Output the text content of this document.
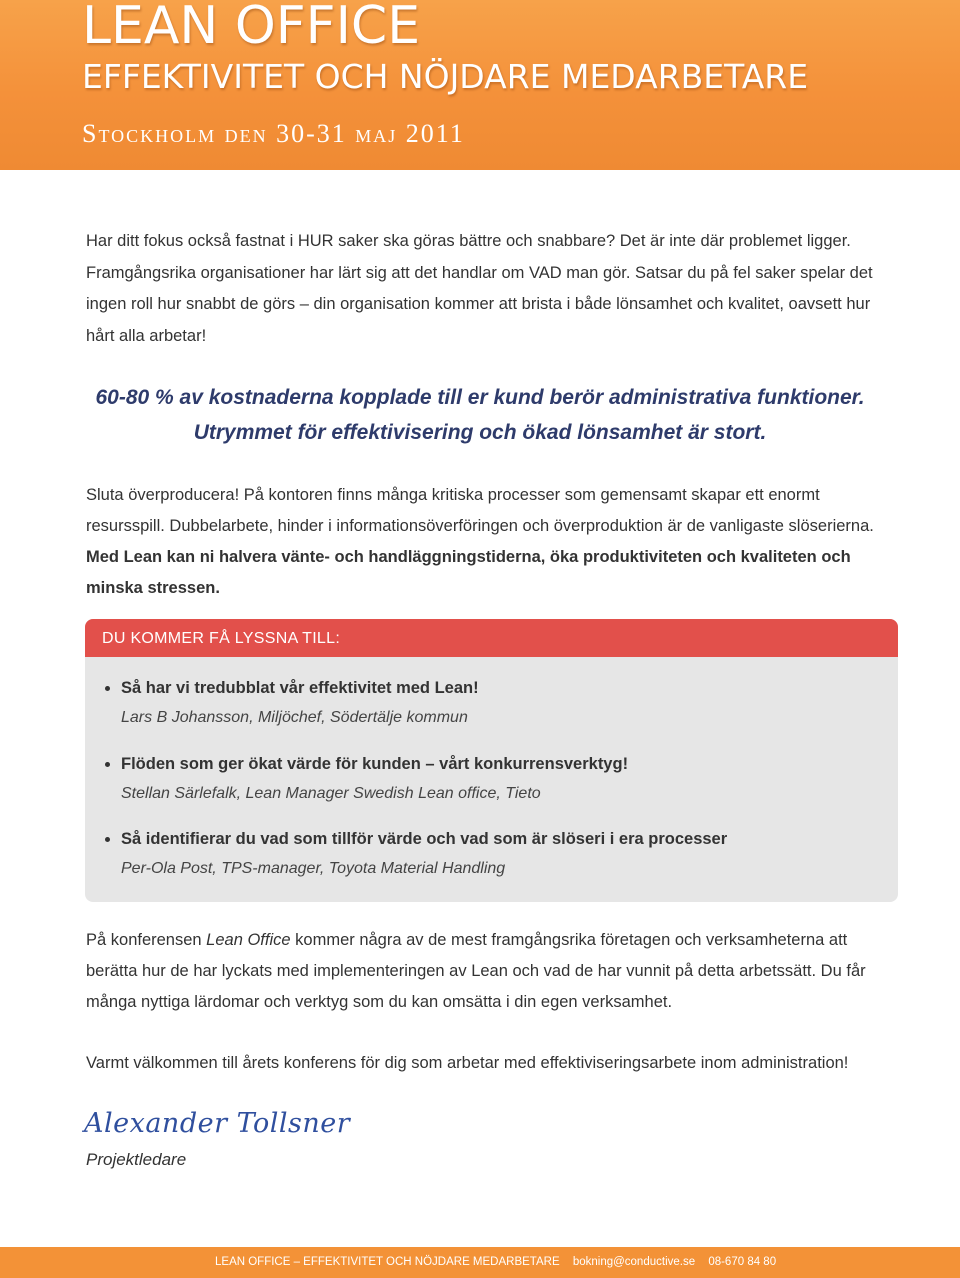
LEAN OFFICE
EFFEKTIVITET OCH NÖJDARE MEDARBETARE
Stockholm den 30-31 maj 2011

Har ditt fokus också fastnat i HUR saker ska göras bättre och snabbare? Det är inte där problemet ligger. Framgångsrika organisationer har lärt sig att det handlar om VAD man gör. Satsar du på fel saker spelar det ingen roll hur snabbt de görs – din organisation kommer att brista i både lönsamhet och kvalitet, oavsett hur hårt alla arbetar!

60-80 % av kostnaderna kopplade till er kund berör administrativa funktioner.
Utrymmet för effektivisering och ökad lönsamhet är stort.
Sluta överproducera! På kontoren finns många kritiska processer som gemensamt skapar ett enormt resursspill. Dubbelarbete, hinder i informationsöverföringen och överproduktion är de vanligaste slöserierna. Med Lean kan ni halvera vänte- och handläggningstiderna, öka produktiviteten och kvaliteten och minska stressen.
DU KOMMER FÅ LYSSNA TILL:
Så har vi tredubblat vår effektivitet med Lean!
Lars B Johansson, Miljöchef, Södertälje kommun
Flöden som ger ökat värde för kunden – vårt konkurrensverktyg!
Stellan Särlefalk, Lean Manager Swedish Lean office, Tieto
Så identifierar du vad som tillför värde och vad som är slöseri i era processer
Per-Ola Post, TPS-manager, Toyota Material Handling
På konferensen Lean Office kommer några av de mest framgångsrika företagen och verksamheterna att berätta hur de har lyckats med implementeringen av Lean och vad de har vunnit på detta arbetssätt. Du får många nyttiga lärdomar och verktyg som du kan omsätta i din egen verksamhet.
Varmt välkommen till årets konferens för dig som arbetar med effektiviseringsarbete inom administration!
Alexander Tollsner
Projektledare
LEAN OFFICE – EFFEKTIVITET OCH NÖJDARE MEDARBETARE bokning@conductive.se 08-670 84 80
